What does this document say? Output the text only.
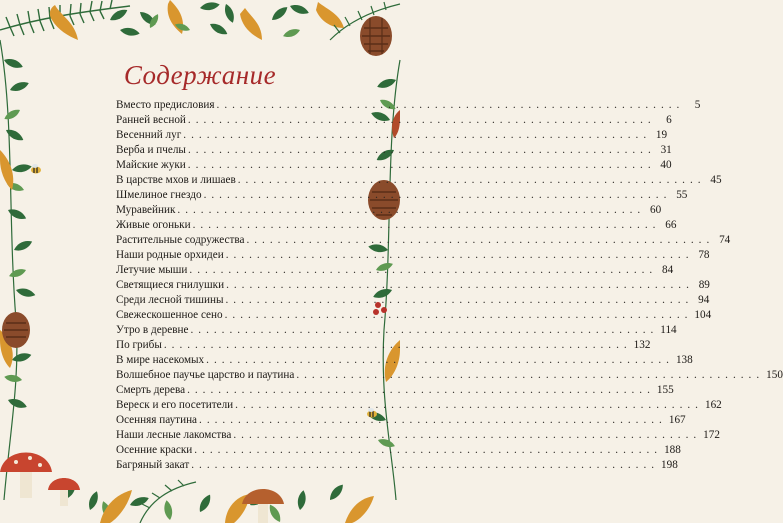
Содержание
Вместо предисловия ............................................................ 5
Ранней весной ............................................................ 6
Весенний луг ............................................................ 19
Верба и пчелы ............................................................ 31
Майские жуки ............................................................ 40
В царстве мхов и лишаев ............................................................ 45
Шмелиное гнездо ............................................................ 55
Муравейник ............................................................ 60
Живые огоньки ............................................................ 66
Растительные содружества ............................................................ 74
Наши родные орхидеи ............................................................ 78
Летучие мыши ............................................................ 84
Светящиеся гнилушки ............................................................ 89
Среди лесной тишины ............................................................ 94
Свежескошенное сено ............................................................ 104
Утро в деревне ............................................................ 114
По грибы ............................................................ 132
В мире насекомых ............................................................ 138
Волшебное паучье царство и паутина ............................................................ 150
Смерть дерева ............................................................ 155
Вереск и его посетители ............................................................ 162
Осенняя паутина ............................................................ 167
Наши лесные лакомства ............................................................ 172
Осенние краски ............................................................ 188
Багряный закат ............................................................ 198
